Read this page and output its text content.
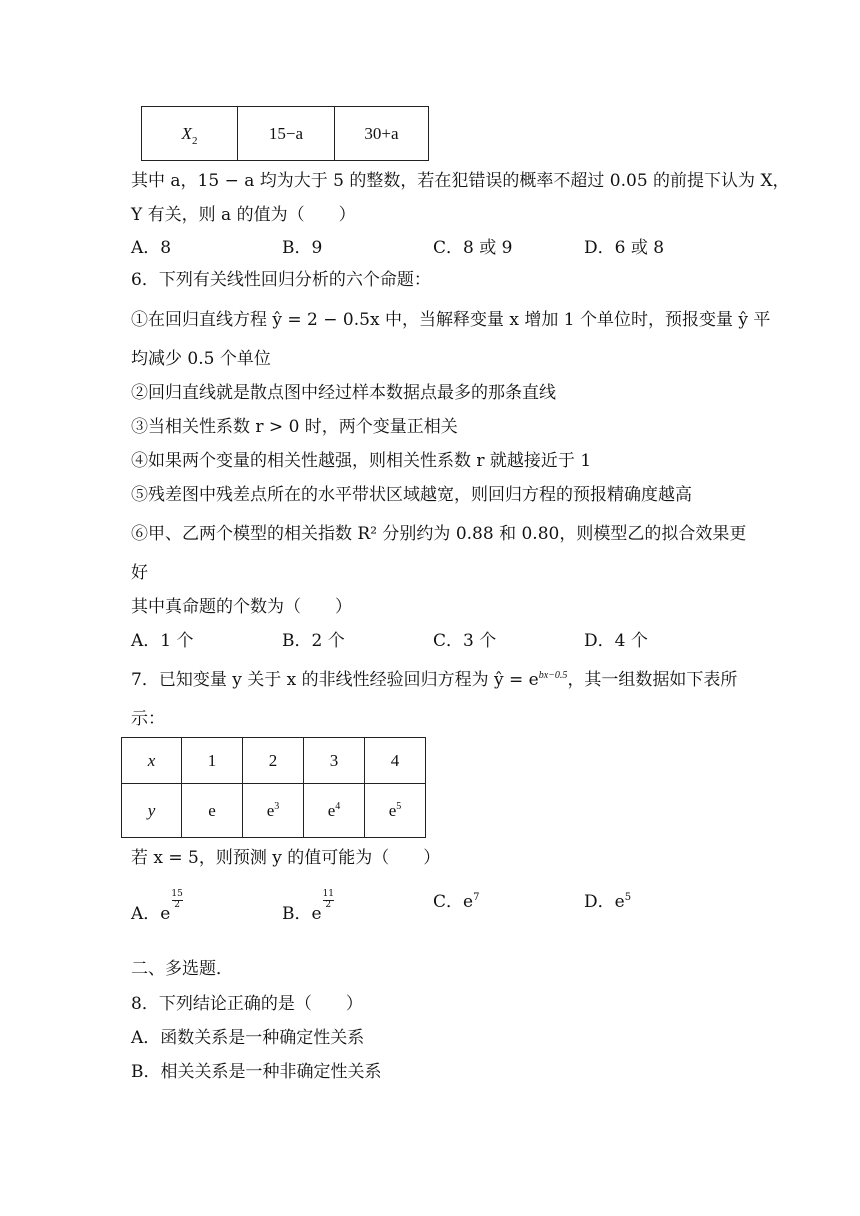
$X_2$	15−a	30+a
其中 a，15 − a 均为大于 5 的整数，若在犯错误的概率不超过 0.05 的前提下认为 X，
Y 有关，则 a 的值为（　　）
A．8	B．9	C．8 或 9	D．6 或 8
6．下列有关线性回归分析的六个命题：
①在回归直线方程 ŷ = 2 − 0.5x 中，当解释变量 x 增加 1 个单位时，预报变量 ŷ 平
均减少 0.5 个单位
②回归直线就是散点图中经过样本数据点最多的那条直线
③当相关性系数 r > 0 时，两个变量正相关
④如果两个变量的相关性越强，则相关性系数 r 就越接近于 1
⑤残差图中残差点所在的水平带状区域越宽，则回归方程的预报精确度越高
⑥甲、乙两个模型的相关指数 R² 分别约为 0.88 和 0.80，则模型乙的拟合效果更
好
其中真命题的个数为（　　）
A．1 个	B．2 个	C．3 个	D．4 个
7．已知变量 y 关于 x 的非线性经验回归方程为 ŷ = $e^{bx-0.5}$，其一组数据如下表所
示：
x	1	2	3	4
y	e	$e^3$	$e^4$	$e^5$
若 x = 5，则预测 y 的值可能为（　　）
A．e
$\frac{15}{2}$
B．e
$\frac{11}{2}$	C．$e^7$	D．$e^5$
二、多选题．
8．下列结论正确的是（　　）
A．函数关系是一种确定性关系
B．相关关系是一种非确定性关系
